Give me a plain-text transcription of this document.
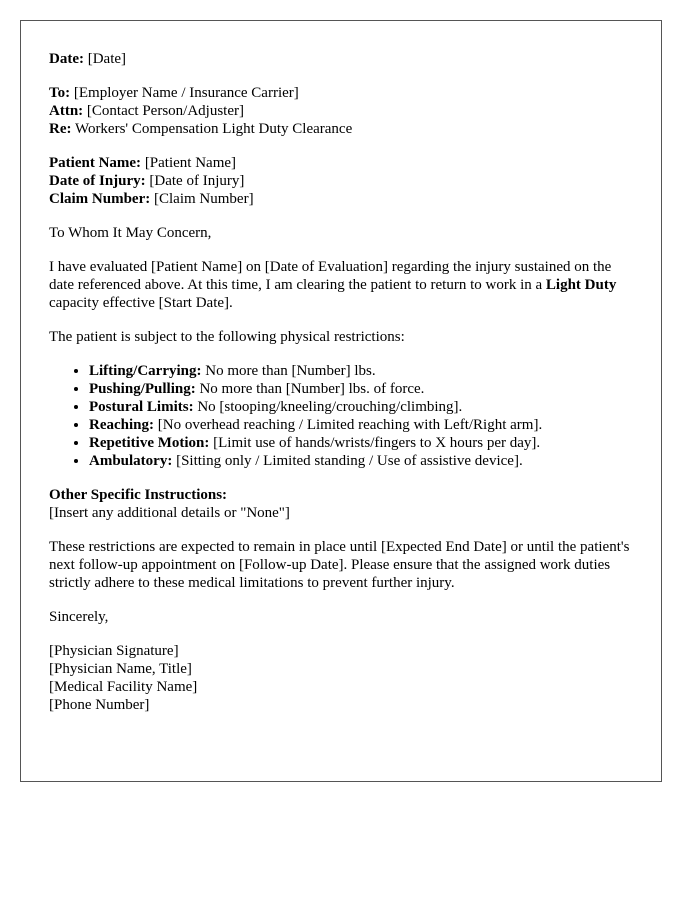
Date: [Date]
To: [Employer Name / Insurance Carrier]
Attn: [Contact Person/Adjuster]
Re: Workers' Compensation Light Duty Clearance
Patient Name: [Patient Name]
Date of Injury: [Date of Injury]
Claim Number: [Claim Number]
To Whom It May Concern,
I have evaluated [Patient Name] on [Date of Evaluation] regarding the injury sustained on the date referenced above. At this time, I am clearing the patient to return to work in a Light Duty capacity effective [Start Date].
The patient is subject to the following physical restrictions:
• Lifting/Carrying: No more than [Number] lbs.
• Pushing/Pulling: No more than [Number] lbs. of force.
• Postural Limits: No [stooping/kneeling/crouching/climbing].
• Reaching: [No overhead reaching / Limited reaching with Left/Right arm].
• Repetitive Motion: [Limit use of hands/wrists/fingers to X hours per day].
• Ambulatory: [Sitting only / Limited standing / Use of assistive device].
Other Specific Instructions:
[Insert any additional details or "None"]
These restrictions are expected to remain in place until [Expected End Date] or until the patient's next follow-up appointment on [Follow-up Date]. Please ensure that the assigned work duties strictly adhere to these medical limitations to prevent further injury.
Sincerely,
[Physician Signature]
[Physician Name, Title]
[Medical Facility Name]
[Phone Number]
